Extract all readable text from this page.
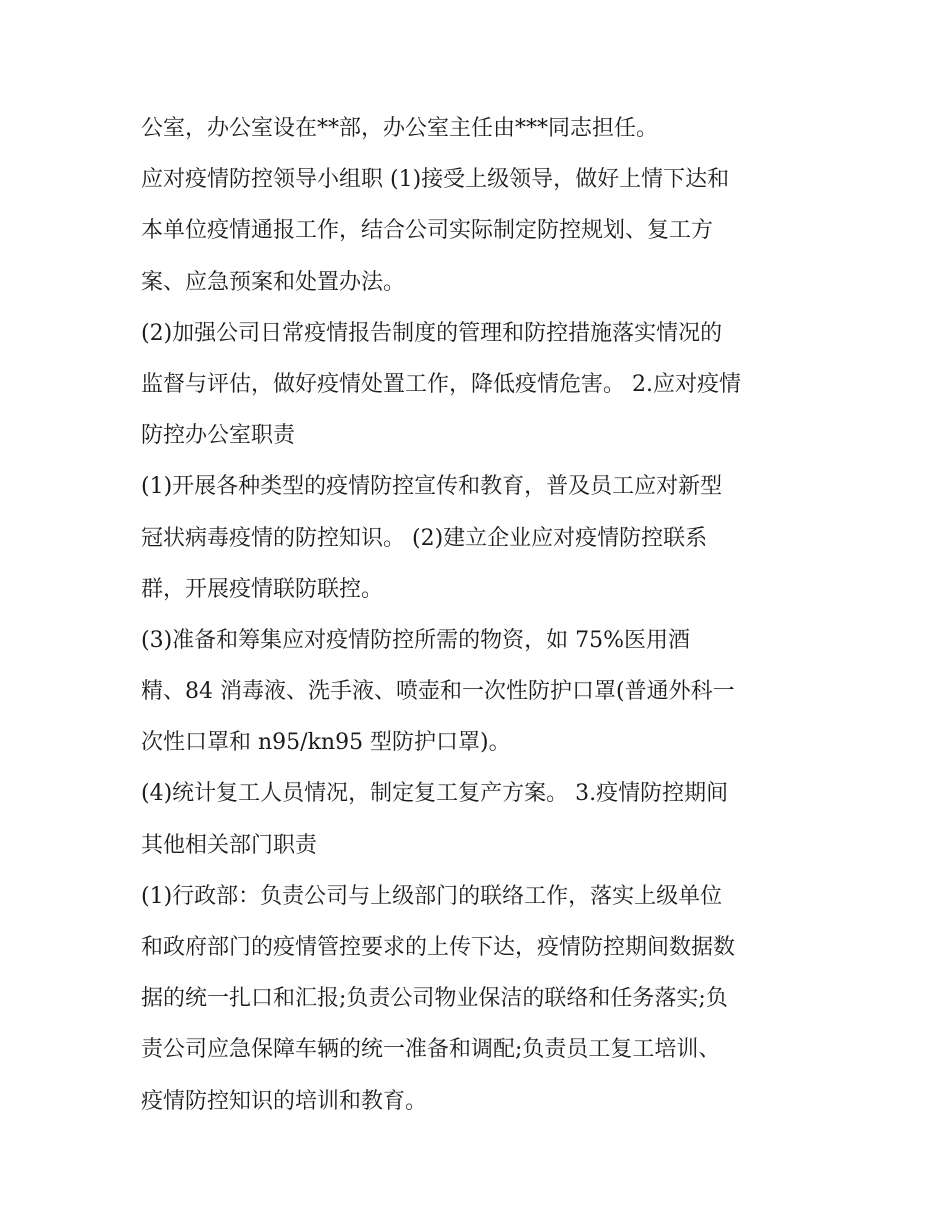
公室，办公室设在**部，办公室主任由***同志担任。
应对疫情防控领导小组职 (1)接受上级领导，做好上情下达和
本单位疫情通报工作，结合公司实际制定防控规划、复工方
案、应急预案和处置办法。
(2)加强公司日常疫情报告制度的管理和防控措施落实情况的
监督与评估，做好疫情处置工作，降低疫情危害。 2.应对疫情
防控办公室职责
(1)开展各种类型的疫情防控宣传和教育，普及员工应对新型
冠状病毒疫情的防控知识。 (2)建立企业应对疫情防控联系
群，开展疫情联防联控。
(3)准备和筹集应对疫情防控所需的物资，如 75%医用酒
精、84 消毒液、洗手液、喷壶和一次性防护口罩(普通外科一
次性口罩和 n95/kn95 型防护口罩)。
(4)统计复工人员情况，制定复工复产方案。 3.疫情防控期间
其他相关部门职责
(1)行政部：负责公司与上级部门的联络工作，落实上级单位
和政府部门的疫情管控要求的上传下达，疫情防控期间数据数
据的统一扎口和汇报;负责公司物业保洁的联络和任务落实;负
责公司应急保障车辆的统一准备和调配;负责员工复工培训、
疫情防控知识的培训和教育。
